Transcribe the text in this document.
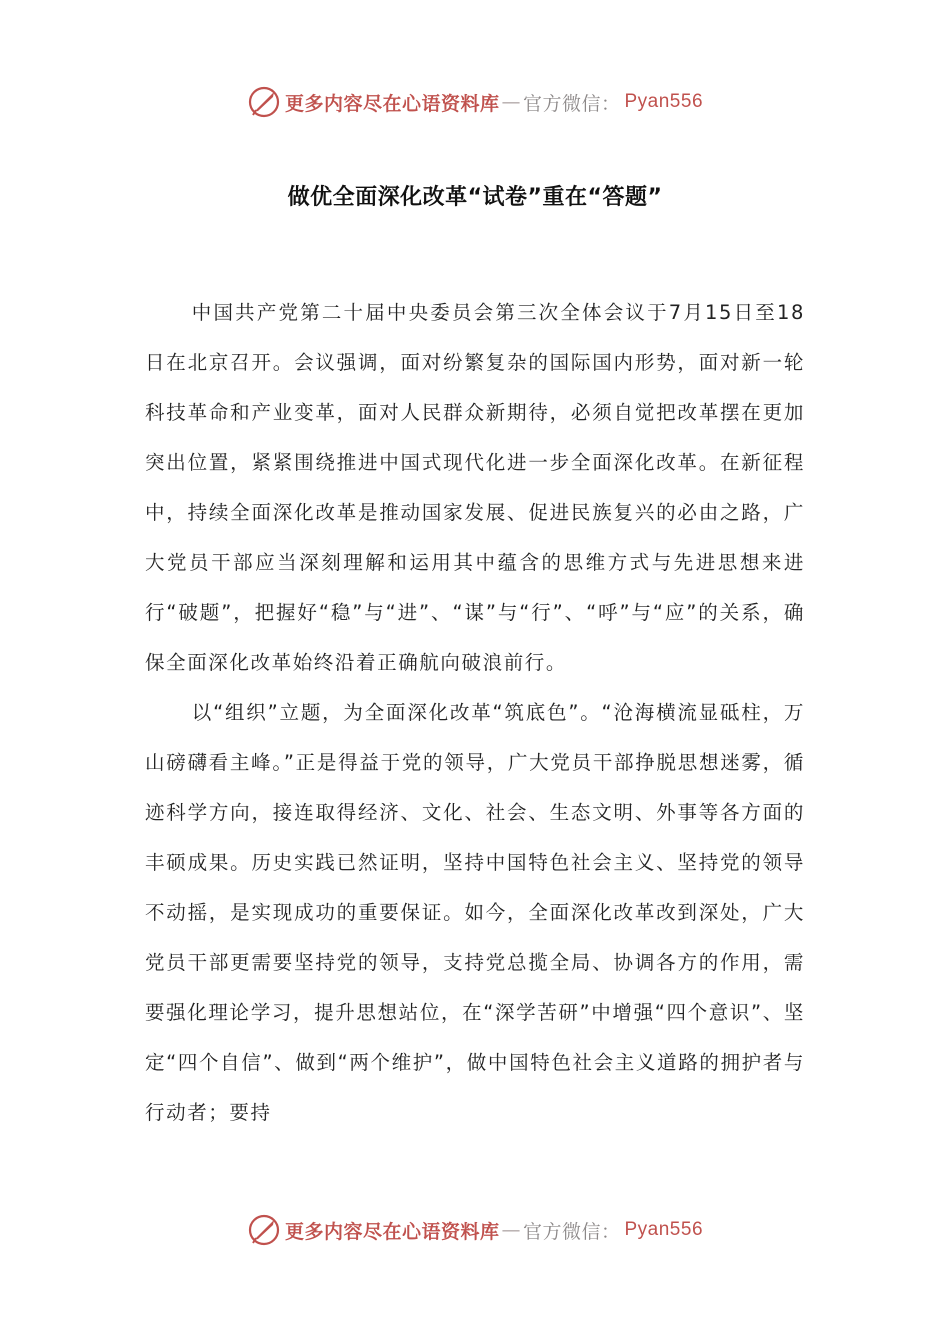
更多内容尽在心语资料库 — 官方微信： Pyan556
做优全面深化改革“试卷”重在“答题”

中国共产党第二十届中央委员会第三次全体会议于7月15日至18日在北京召开。会议强调，面对纷繁复杂的国际国内形势，面对新一轮科技革命和产业变革，面对人民群众新期待，必须自觉把改革摆在更加突出位置，紧紧围绕推进中国式现代化进一步全面深化改革。在新征程中，持续全面深化改革是推动国家发展、促进民族复兴的必由之路，广大党员干部应当深刻理解和运用其中蕴含的思维方式与先进思想来进行“破题”，把握好“稳”与“进”、“谋”与“行”、“呼”与“应”的关系，确保全面深化改革始终沿着正确航向破浪前行。

以“组织”立题，为全面深化改革“筑底色”。“沧海横流显砥柱，万山磅礴看主峰。”正是得益于党的领导，广大党员干部挣脱思想迷雾，循迹科学方向，接连取得经济、文化、社会、生态文明、外事等各方面的丰硕成果。历史实践已然证明，坚持中国特色社会主义、坚持党的领导不动摇，是实现成功的重要保证。如今，全面深化改革改到深处，广大党员干部更需要坚持党的领导，支持党总揽全局、协调各方的作用，需要强化理论学习，提升思想站位，在“深学苦研”中增强“四个意识”、坚定“四个自信”、做到“两个维护”，做中国特色社会主义道路的拥护者与行动者；要持

更多内容尽在心语资料库 — 官方微信： Pyan556
